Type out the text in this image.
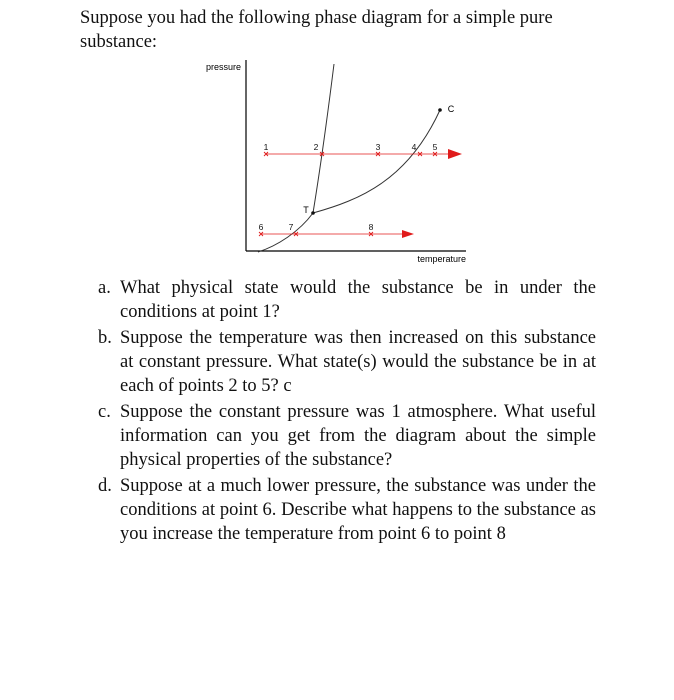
Suppose you had the following phase diagram for a simple pure substance:
pressure
temperature
T
C
1	2	3	4 5
6	7	8
a. What physical state would the substance be in under the conditions at point 1?
b. Suppose the temperature was then increased on this substance at constant pressure. What state(s) would the substance be in at each of points 2 to 5? c
c. Suppose the constant pressure was 1 atmosphere. What useful information can you get from the diagram about the simple physical properties of the substance?
d. Suppose at a much lower pressure, the substance was under the conditions at point 6. Describe what happens to the substance as you increase the temperature from point 6 to point 8
